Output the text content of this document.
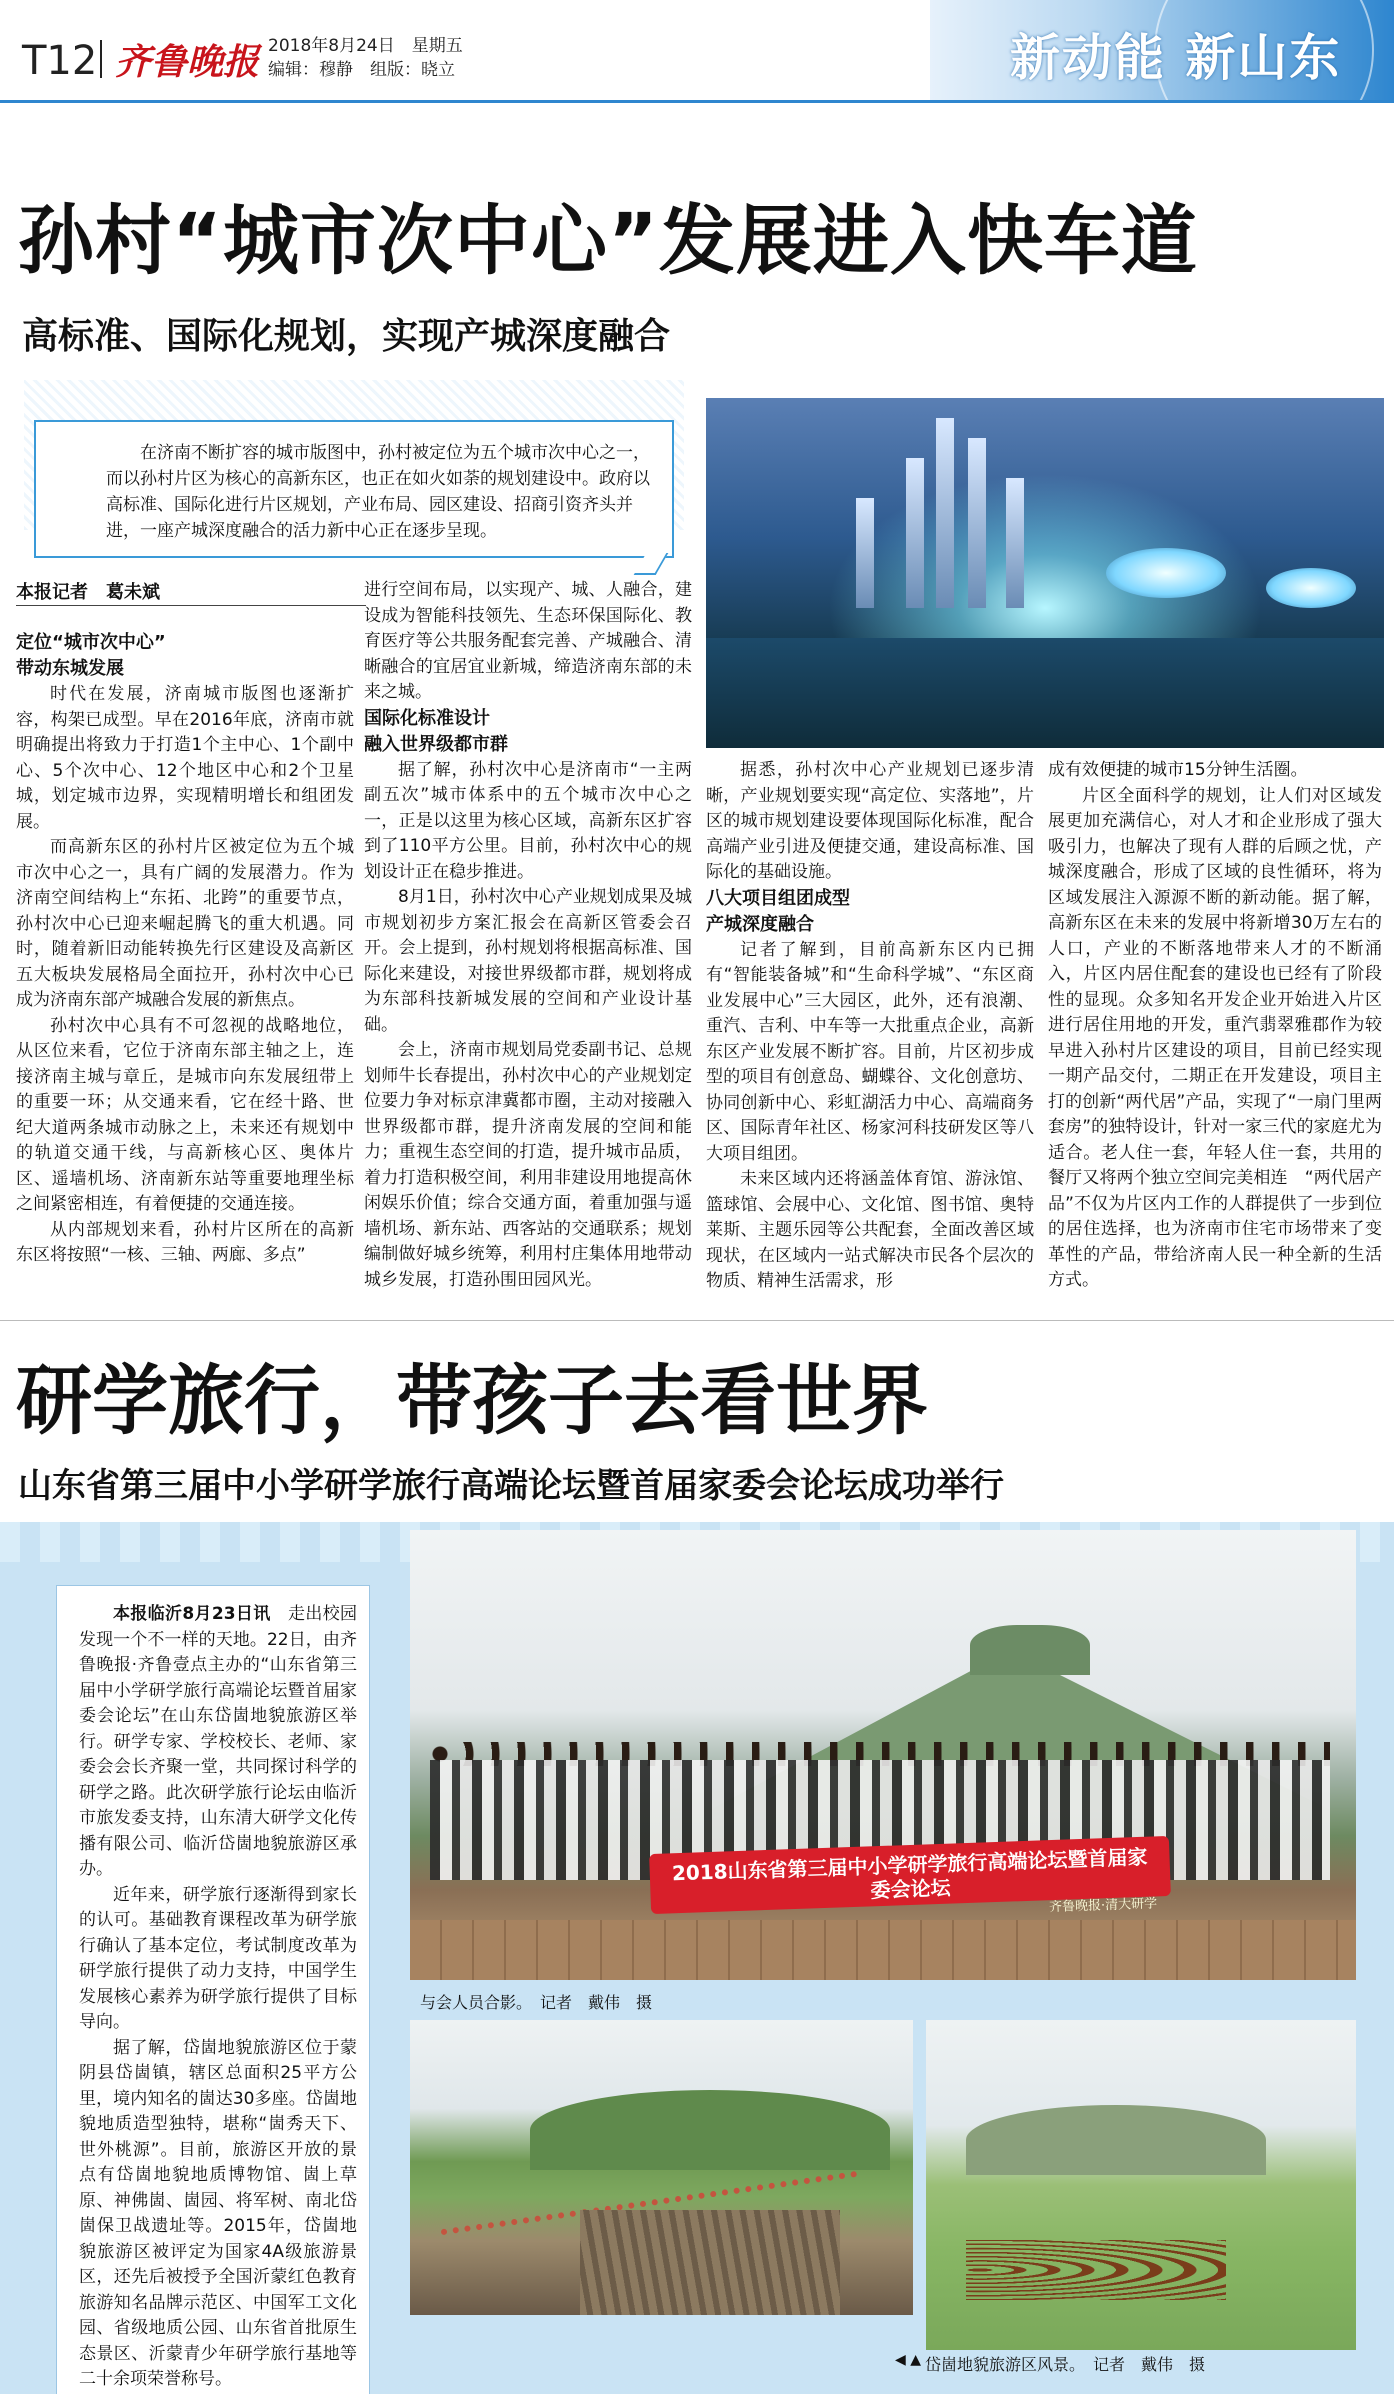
T12 齐鲁晚报 2018年8月24日　星期五
编辑：穆静　组版：晓立	新动能 新山东
孙村“城市次中心”发展进入快车道
高标准、国际化规划，实现产城深度融合
在济南不断扩容的城市版图中，孙村被定位为五个城市次中心之一，而以孙村片区为核心的高新东区，也正在如火如荼的规划建设中。政府以高标准、国际化进行片区规划，产业布局、园区建设、招商引资齐头并进，一座产城深度融合的活力新中心正在逐步呈现。
本报记者　葛未斌
定位“城市次中心”
带动东城发展

时代在发展，济南城市版图也逐渐扩容，构架已成型。早在2016年底，济南市就明确提出将致力于打造1个主中心、1个副中心、5个次中心、12个地区中心和2个卫星城，划定城市边界，实现精明增长和组团发展。

而高新东区的孙村片区被定位为五个城市次中心之一，具有广阔的发展潜力。作为济南空间结构上“东拓、北跨”的重要节点，孙村次中心已迎来崛起腾飞的重大机遇。同时，随着新旧动能转换先行区建设及高新区五大板块发展格局全面拉开，孙村次中心已成为济南东部产城融合发展的新焦点。

孙村次中心具有不可忽视的战略地位，从区位来看，它位于济南东部主轴之上，连接济南主城与章丘，是城市向东发展纽带上的重要一环；从交通来看，它在经十路、世纪大道两条城市动脉之上，未来还有规划中的轨道交通干线，与高新核心区、奥体片区、遥墙机场、济南新东站等重要地理坐标之间紧密相连，有着便捷的交通连接。

从内部规划来看，孙村片区所在的高新东区将按照“一核、三轴、两廊、多点”

进行空间布局，以实现产、城、人融合，建设成为智能科技领先、生态环保国际化、教育医疗等公共服务配套完善、产城融合、清晰融合的宜居宜业新城，缔造济南东部的未来之城。

国际化标准设计
融入世界级都市群

据了解，孙村次中心是济南市“一主两副五次”城市体系中的五个城市次中心之一，正是以这里为核心区域，高新东区扩容到了110平方公里。目前，孙村次中心的规划设计正在稳步推进。

8月1日，孙村次中心产业规划成果及城市规划初步方案汇报会在高新区管委会召开。会上提到，孙村规划将根据高标准、国际化来建设，对接世界级都市群，规划将成为东部科技新城发展的空间和产业设计基础。

会上，济南市规划局党委副书记、总规划师牛长春提出，孙村次中心的产业规划定位要力争对标京津冀都市圈，主动对接融入世界级都市群，提升济南发展的空间和能力；重视生态空间的打造，提升城市品质，着力打造积极空间，利用非建设用地提高休闲娱乐价值；综合交通方面，着重加强与遥墙机场、新东站、西客站的交通联系；规划编制做好城乡统筹，利用村庄集体用地带动城乡发展，打造孙围田园风光。

据悉，孙村次中心产业规划已逐步清晰，产业规划要实现“高定位、实落地”，片区的城市规划建设要体现国际化标准，配合高端产业引进及便捷交通，建设高标准、国际化的基础设施。

八大项目组团成型
产城深度融合

记者了解到，目前高新东区内已拥有“智能装备城”和“生命科学城”、“东区商业发展中心”三大园区，此外，还有浪潮、重汽、吉利、中车等一大批重点企业，高新东区产业发展不断扩容。目前，片区初步成型的项目有创意岛、蝴蝶谷、文化创意坊、协同创新中心、彩虹湖活力中心、高端商务区、国际青年社区、杨家河科技研发区等八大项目组团。

未来区域内还将涵盖体育馆、游泳馆、篮球馆、会展中心、文化馆、图书馆、奥特莱斯、主题乐园等公共配套，全面改善区域现状，在区域内一站式解决市民各个层次的物质、精神生活需求，形

成有效便捷的城市15分钟生活圈。

片区全面科学的规划，让人们对区域发展更加充满信心，对人才和企业形成了强大吸引力，也解决了现有人群的后顾之忧，产城深度融合，形成了区域的良性循环，将为区域发展注入源源不断的新动能。据了解，高新东区在未来的发展中将新增30万左右的人口，产业的不断落地带来人才的不断涌入，片区内居住配套的建设也已经有了阶段性的显现。众多知名开发企业开始进入片区进行居住用地的开发，重汽翡翠雅郡作为较早进入孙村片区建设的项目，目前已经实现一期产品交付，二期正在开发建设，项目主打的创新“两代居”产品，实现了“一扇门里两套房”的独特设计，针对一家三代的家庭尤为适合。老人住一套，年轻人住一套，共用的餐厅又将两个独立空间完美相连　“两代居产品”不仅为片区内工作的人群提供了一步到位的居住选择，也为济南市住宅市场带来了变革性的产品，带给济南人民一种全新的生活方式。

研学旅行，带孩子去看世界
山东省第三届中小学研学旅行高端论坛暨首届家委会论坛成功举行

本报临沂8月23日讯　 走出校园发现一个不一样的天地。22日，由齐鲁晚报·齐鲁壹点主办的“山东省第三届中小学研学旅行高端论坛暨首届家委会论坛”在山东岱崮地貌旅游区举行。研学专家、学校校长、老师、家委会会长齐聚一堂，共同探讨科学的研学之路。此次研学旅行论坛由临沂市旅发委支持，山东清大研学文化传播有限公司、临沂岱崮地貌旅游区承办。

近年来，研学旅行逐渐得到家长的认可。基础教育课程改革为研学旅行确认了基本定位，考试制度改革为研学旅行提供了动力支持，中国学生发展核心素养为研学旅行提供了目标导向。

据了解，岱崮地貌旅游区位于蒙阴县岱崮镇，辖区总面积25平方公里，境内知名的崮达30多座。岱崮地貌地质造型独特，堪称“崮秀天下、世外桃源”。目前，旅游区开放的景点有岱崮地貌地质博物馆、崮上草原、神佛崮、崮园、将军树、南北岱崮保卫战遗址等。2015年，岱崮地貌旅游区被评定为国家4A级旅游景区，还先后被授予全国沂蒙红色教育旅游知名品牌示范区、中国军工文化园、省级地质公园、山东省首批原生态景区、沂蒙青少年研学旅行基地等二十余项荣誉称号。

2018山东省第三届中小学研学旅行高端论坛暨首届家委会论坛
齐鲁晚报·清大研学
与会人员合影。　记者　戴伟　摄
◀ ▲ 岱崮地貌旅游区风景。　记者　戴伟　摄
